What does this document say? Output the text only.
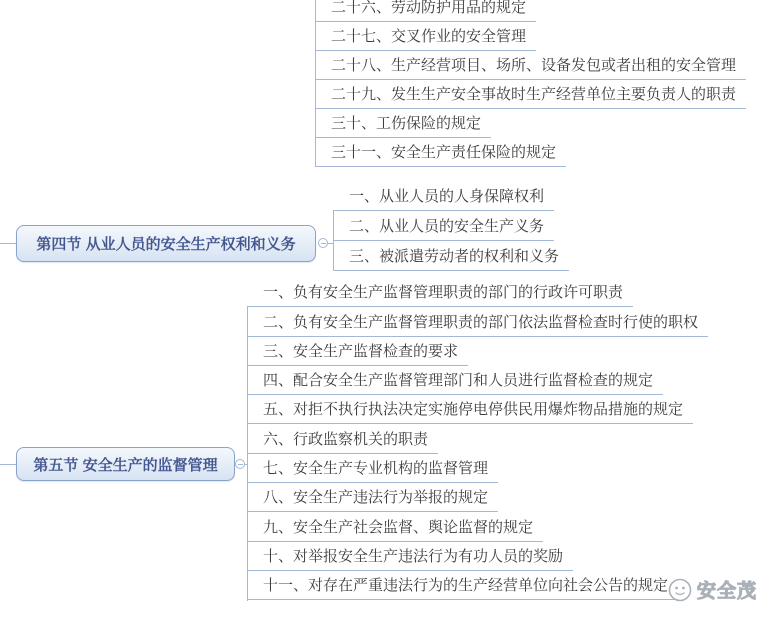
二十六、劳动防护用品的规定
二十七、交叉作业的安全管理
二十八、生产经营项目、场所、设备发包或者出租的安全管理
二十九、发生生产安全事故时生产经营单位主要负责人的职责
三十、工伤保险的规定
三十一、安全生产责任保险的规定
第四节 从业人员的安全生产权利和义务
一、从业人员的人身保障权利
二、从业人员的安全生产义务
三、被派遣劳动者的权利和义务
第五节 安全生产的监督管理
一、负有安全生产监督管理职责的部门的行政许可职责
二、负有安全生产监督管理职责的部门依法监督检查时行使的职权
三、安全生产监督检查的要求
四、配合安全生产监督管理部门和人员进行监督检查的规定
五、对拒不执行执法决定实施停电停供民用爆炸物品措施的规定
六、行政监察机关的职责
七、安全生产专业机构的监督管理
八、安全生产违法行为举报的规定
九、安全生产社会监督、舆论监督的规定
十、对举报安全生产违法行为有功人员的奖励
十一、对存在严重违法行为的生产经营单位向社会公告的规定 安全茂
